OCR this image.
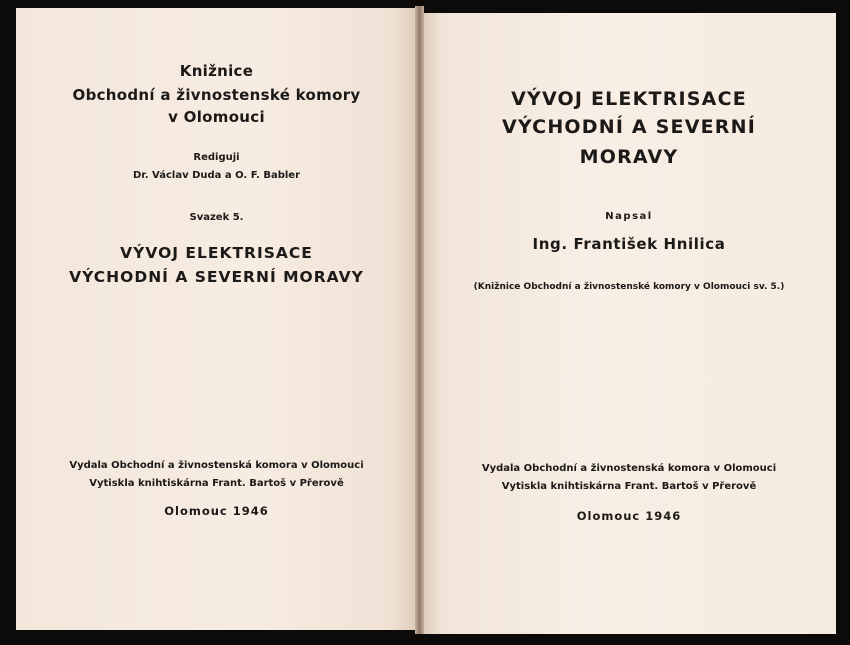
Knižnice

Obchodní a živnostenské komory

v Olomouci

Rediguji

Dr. Václav Duda a O. F. Babler

Svazek 5.

VÝVOJ ELEKTRISACE

VÝCHODNÍ A SEVERNÍ MORAVY

Vydala Obchodní a živnostenská komora v Olomouci

Vytiskla knihtiskárna Frant. Bartoš v Přerově

Olomouc 1946

VÝVOJ ELEKTRISACE

VÝCHODNÍ A SEVERNÍ

MORAVY

Napsal

Ing. František Hnilica

(Knižnice Obchodní a živnostenské komory v Olomouci sv. 5.)

Vydala Obchodní a živnostenská komora v Olomouci

Vytiskla knihtiskárna Frant. Bartoš v Přerově

Olomouc 1946
